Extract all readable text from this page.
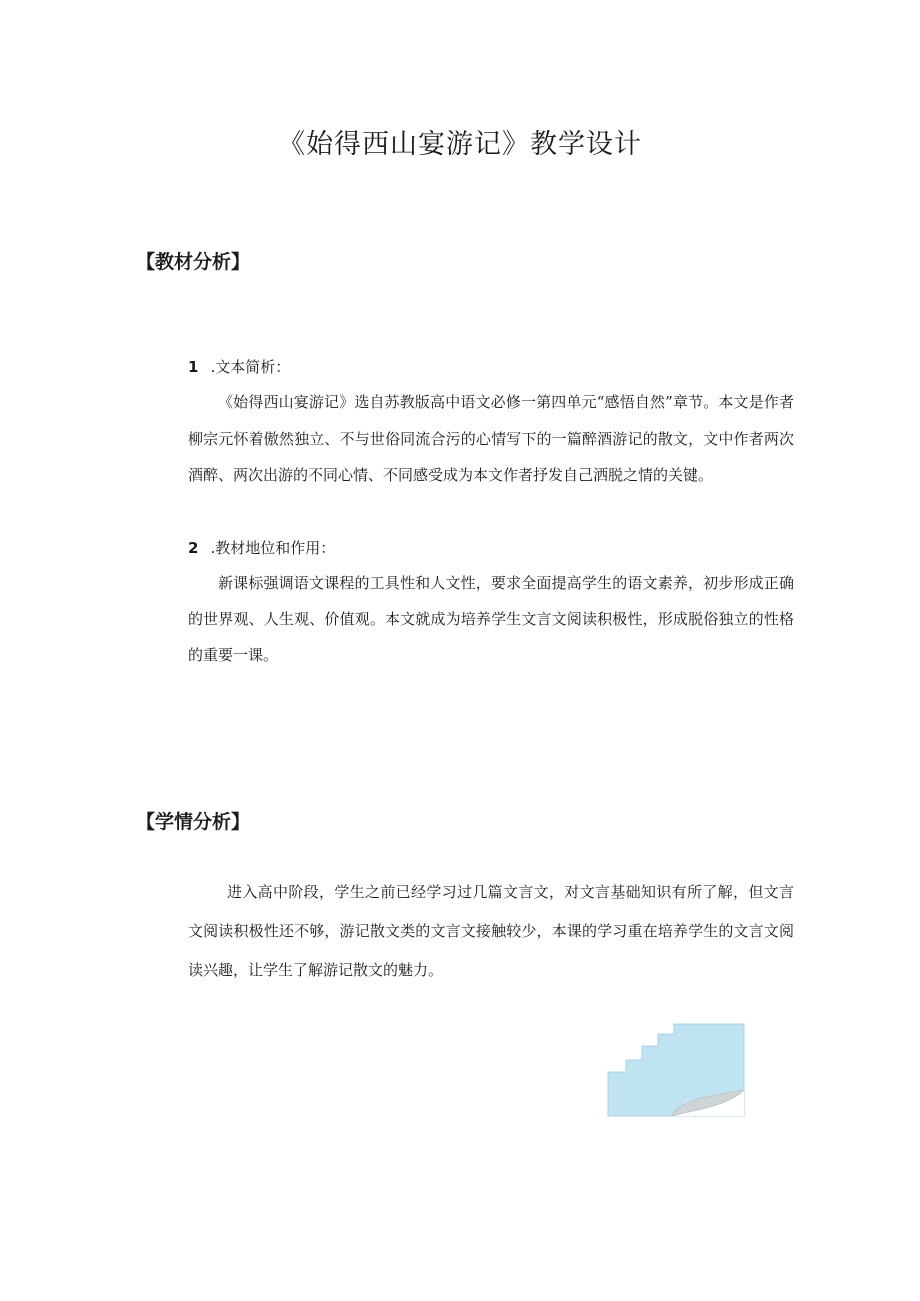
《始得西山宴游记》教学设计
【教材分析】
1 .文本简析：

《始得西山宴游记》选自苏教版高中语文必修一第四单元“感悟自然”章节。本文是作者柳宗元怀着傲然独立、不与世俗同流合污的心情写下的一篇醉酒游记的散文，文中作者两次酒醉、两次出游的不同心情、不同感受成为本文作者抒发自己洒脱之情的关键。

2 .教材地位和作用：

新课标强调语文课程的工具性和人文性，要求全面提高学生的语文素养，初步形成正确的世界观、人生观、价值观。本文就成为培养学生文言文阅读积极性，形成脱俗独立的性格的重要一课。

【学情分析】

进入高中阶段，学生之前已经学习过几篇文言文，对文言基础知识有所了解，但文言文阅读积极性还不够，游记散文类的文言文接触较少，本课的学习重在培养学生的文言文阅读兴趣，让学生了解游记散文的魅力。
